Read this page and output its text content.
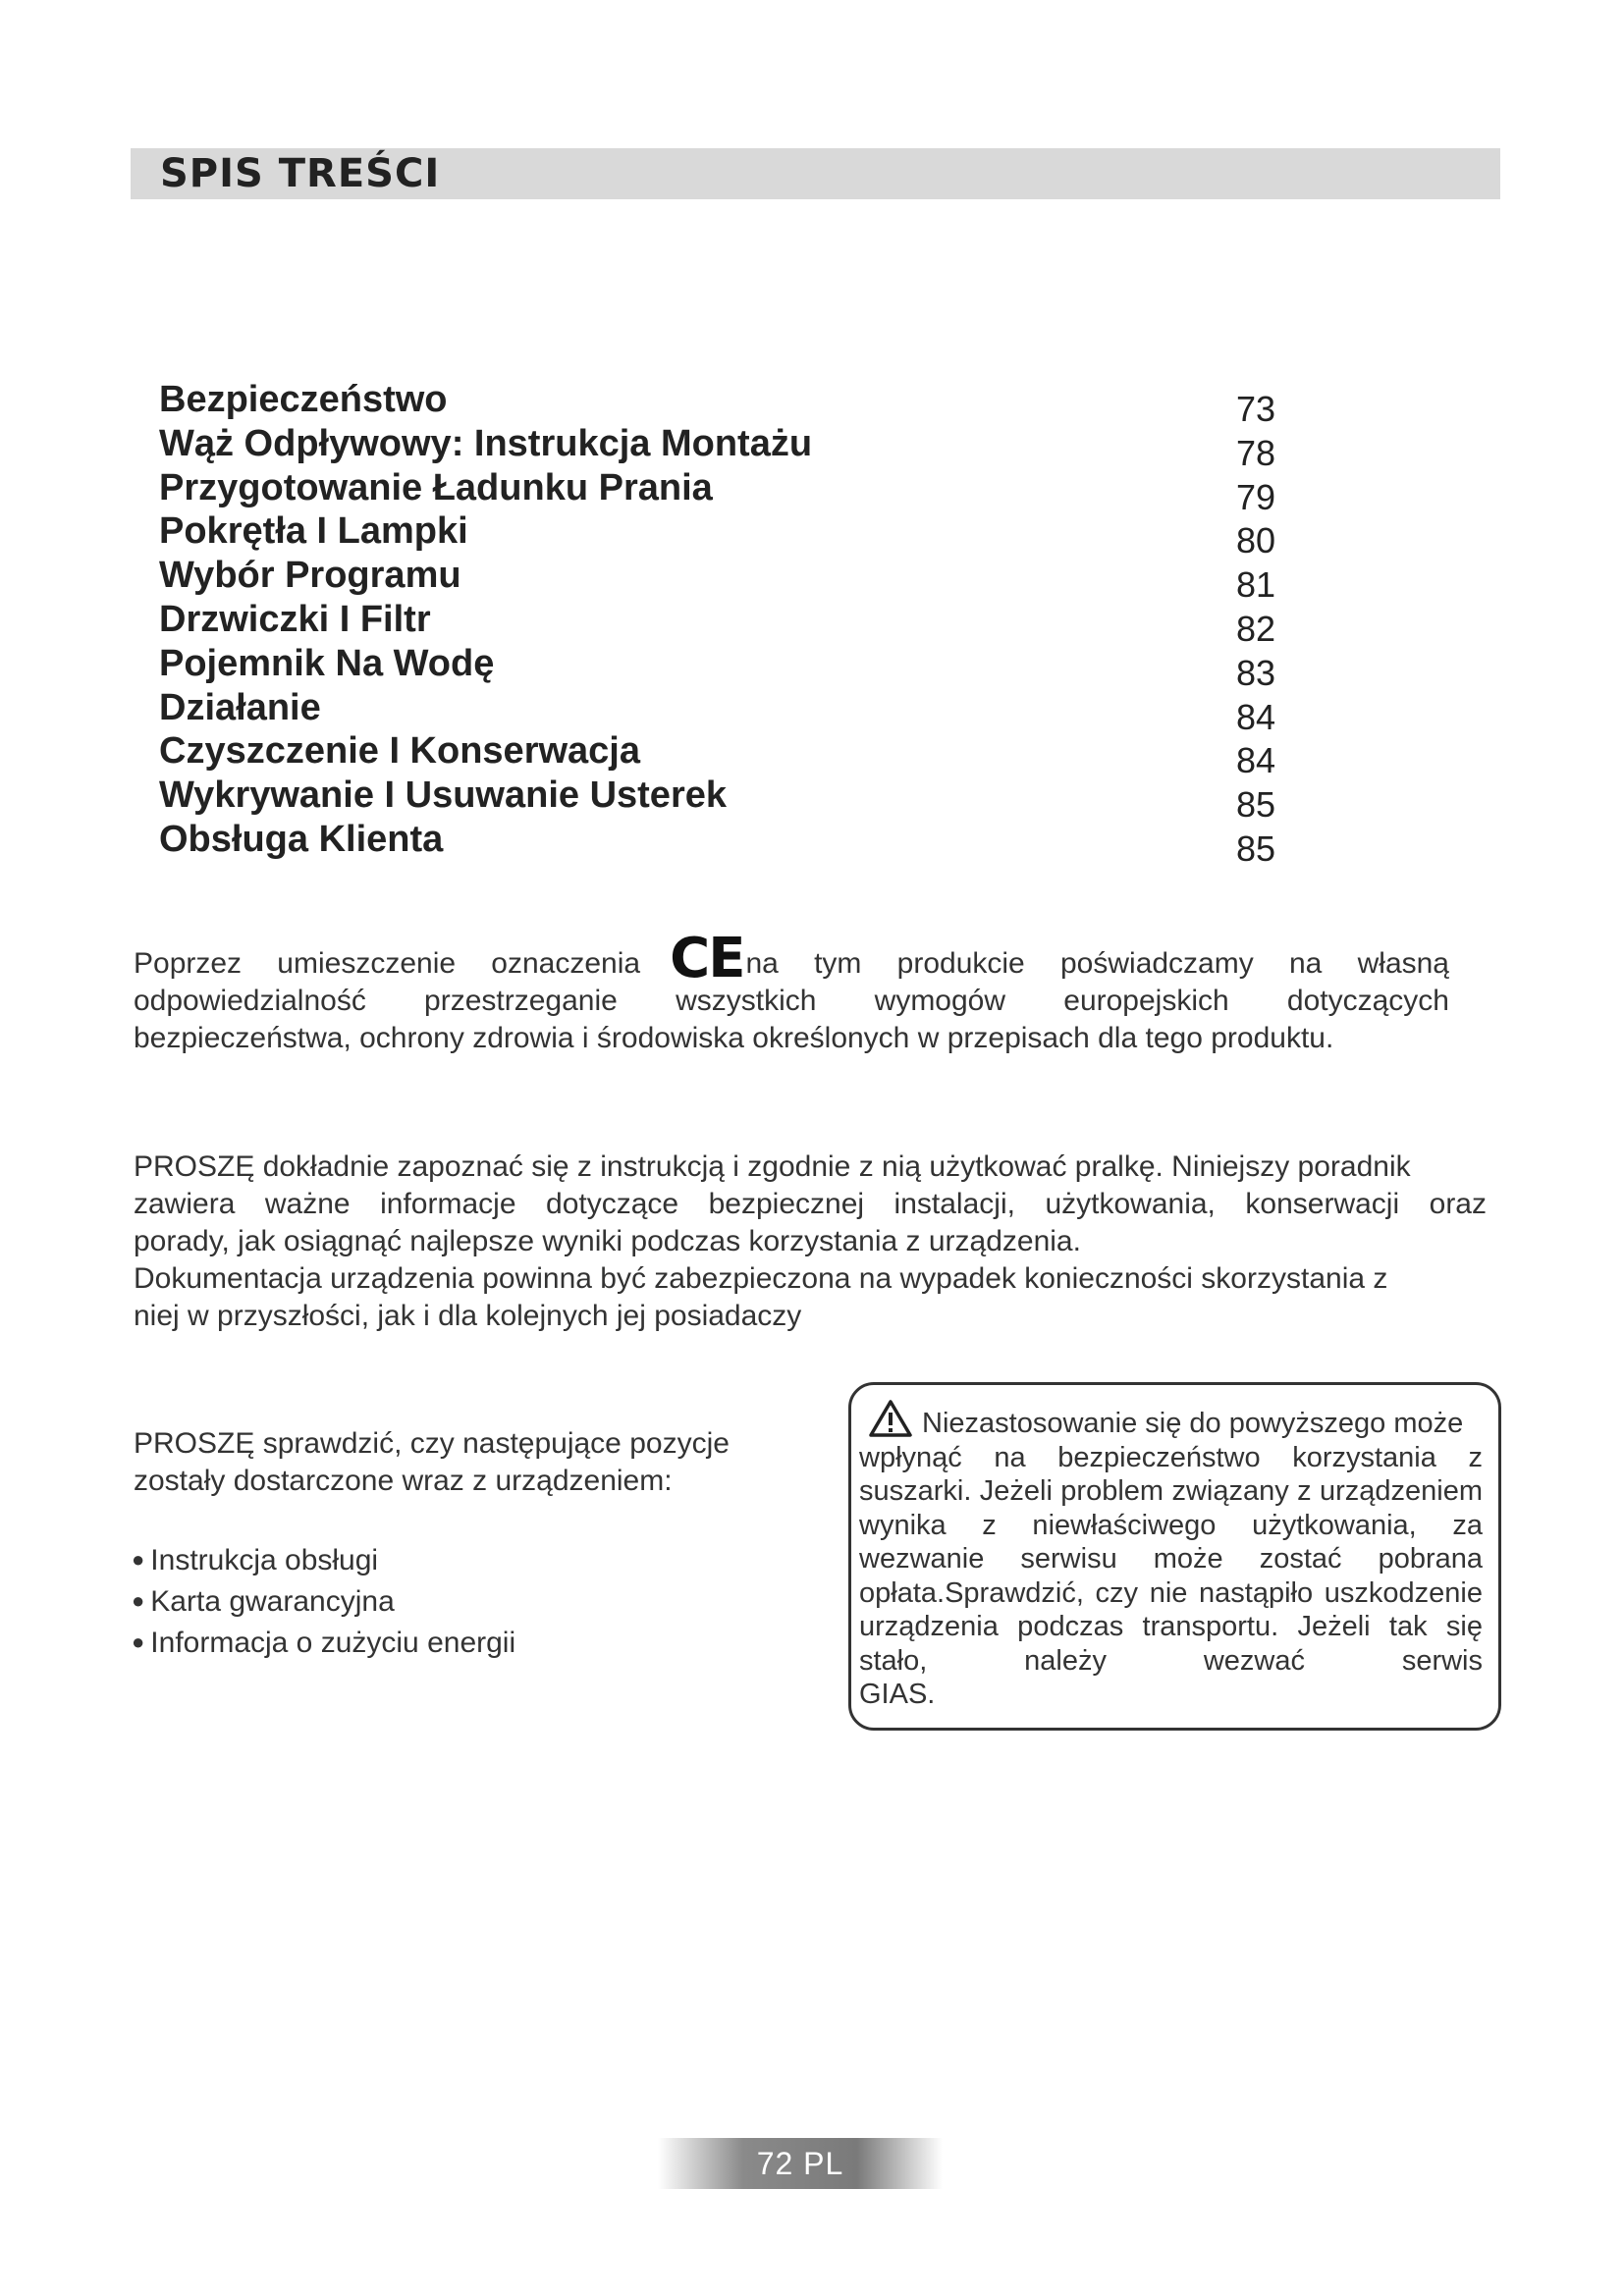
SPIS TREŚCI
Bezpieczeństwo	73
Wąż Odpływowy: Instrukcja Montażu	78
Przygotowanie Ładunku Prania	79
Pokrętła I Lampki	80
Wybór Programu	81
Drzwiczki I Filtr	82
Pojemnik Na Wodę	83
Działanie	84
Czyszczenie I Konserwacja	84
Wykrywanie I Usuwanie Usterek	85
Obsługa Klienta	85
Poprzez umieszczenie oznaczenia CEna tym produkcie poświadczamy na własną odpowiedzialność przestrzeganie wszystkich wymogów europejskich dotyczących
bezpieczeństwa, ochrony zdrowia i środowiska określonych w przepisach dla tego produktu.
PROSZĘ dokładnie zapoznać się z instrukcją i zgodnie z nią użytkować pralkę. Niniejszy poradnik
zawiera ważne informacje dotyczące bezpiecznej instalacji, użytkowania, konserwacji oraz
porady, jak osiągnąć najlepsze wyniki podczas korzystania z urządzenia.
Dokumentacja urządzenia powinna być zabezpieczona na wypadek konieczności skorzystania z
niej w przyszłości, jak i dla kolejnych jej posiadaczy
PROSZĘ sprawdzić, czy następujące pozycje
zostały dostarczone wraz z urządzeniem:
● Instrukcja obsługi
● Karta gwarancyjna
● Informacja o zużyciu energii
Niezastosowanie się do powyższego może
wpłynąć na bezpieczeństwo korzystania z suszarki. Jeżeli problem związany z urządzeniem wynika z niewłaściwego użytkowania, za wezwanie serwisu może zostać pobrana opłata.Sprawdzić, czy nie nastąpiło uszkodzenie urządzenia podczas transportu. Jeżeli tak się stało, należy wezwać serwis
GIAS.
72 PL
